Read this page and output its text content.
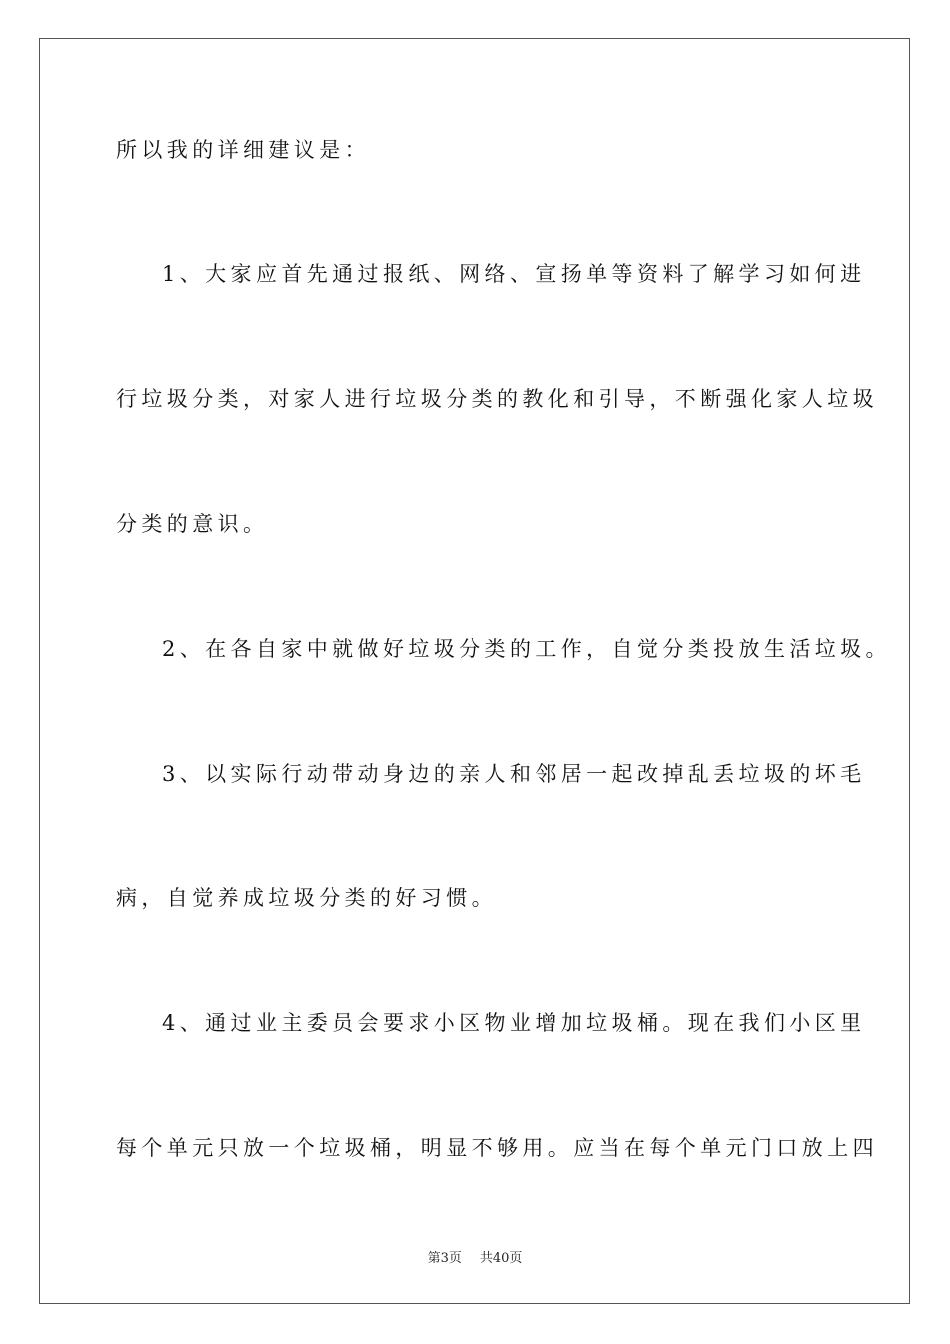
所以我的详细建议是：
1、大家应首先通过报纸、网络、宣扬单等资料了解学习如何进
行垃圾分类，对家人进行垃圾分类的教化和引导，不断强化家人垃圾
分类的意识。
2、在各自家中就做好垃圾分类的工作，自觉分类投放生活垃圾。
3、以实际行动带动身边的亲人和邻居一起改掉乱丢垃圾的坏毛
病，自觉养成垃圾分类的好习惯。
4、通过业主委员会要求小区物业增加垃圾桶。现在我们小区里
每个单元只放一个垃圾桶，明显不够用。应当在每个单元门口放上四
第3页 共40页
